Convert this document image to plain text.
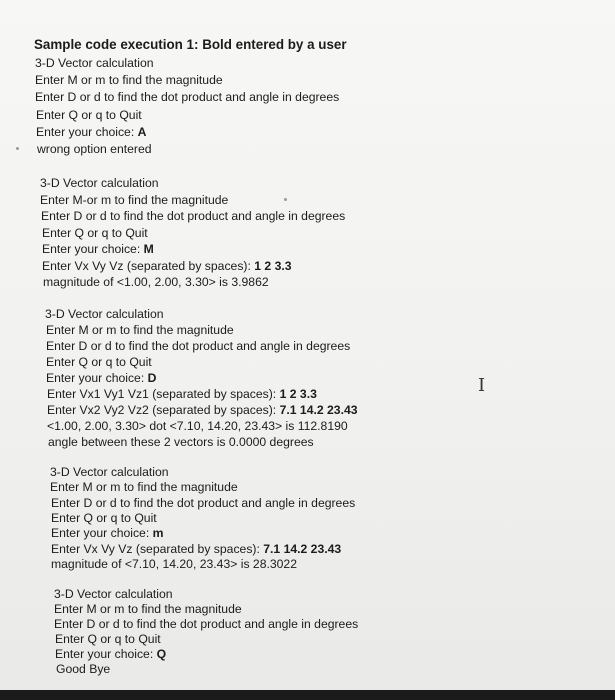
Sample code execution 1: Bold entered by a user
3-D Vector calculation
Enter M or m to find the magnitude
Enter D or d to find the dot product and angle in degrees
Enter Q or q to Quit
Enter your choice: A
wrong option entered
3-D Vector calculation
Enter M-or m to find the magnitude
Enter D or d to find the dot product and angle in degrees
Enter Q or q to Quit
Enter your choice: M
Enter Vx Vy Vz (separated by spaces): 1 2 3.3
magnitude of <1.00, 2.00, 3.30> is 3.9862
3-D Vector calculation
Enter M or m to find the magnitude
Enter D or d to find the dot product and angle in degrees
Enter Q or q to Quit
Enter your choice: D
Enter Vx1 Vy1 Vz1 (separated by spaces): 1 2 3.3
Enter Vx2 Vy2 Vz2 (separated by spaces): 7.1 14.2 23.43
<1.00, 2.00, 3.30> dot <7.10, 14.20, 23.43> is 112.8190
angle between these 2 vectors is 0.0000 degrees
3-D Vector calculation
Enter M or m to find the magnitude
Enter D or d to find the dot product and angle in degrees
Enter Q or q to Quit
Enter your choice: m
Enter Vx Vy Vz (separated by spaces): 7.1 14.2 23.43
magnitude of <7.10, 14.20, 23.43> is 28.3022
3-D Vector calculation
Enter M or m to find the magnitude
Enter D or d to find the dot product and angle in degrees
Enter Q or q to Quit
Enter your choice: Q
Good Bye
I
